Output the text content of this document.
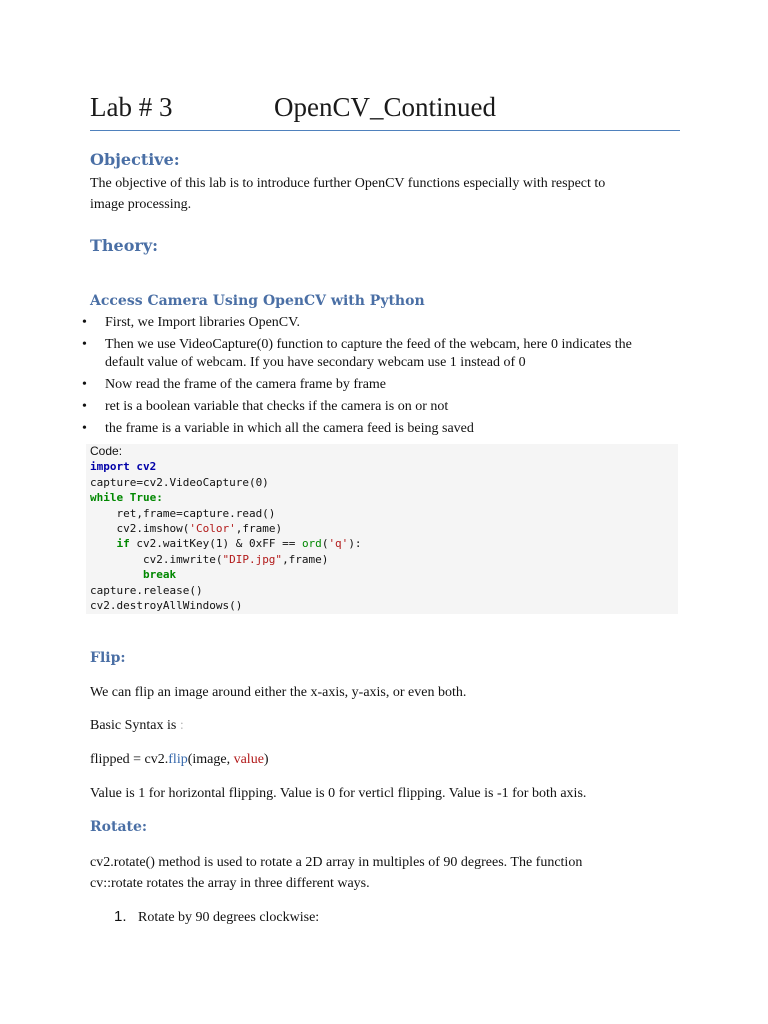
Lab # 3	OpenCV_Continued
Objective:
The objective of this lab is to introduce further OpenCV functions especially with respect to
image processing.
Theory:
Access Camera Using OpenCV with Python
• First, we Import libraries OpenCV.
• Then we use VideoCapture(0) function to capture the feed of the webcam, here 0 indicates the
default value of webcam. If you have secondary webcam use 1 instead of 0
• Now read the frame of the camera frame by frame
• ret is a boolean variable that checks if the camera is on or not
• the frame is a variable in which all the camera feed is being saved
Code:
import cv2
capture=cv2.VideoCapture(0)
while True:
ret,frame=capture.read()
cv2.imshow('Color',frame)
if cv2.waitKey(1) & 0xFF == ord('q'):
cv2.imwrite("DIP.jpg",frame)
break
capture.release()
cv2.destroyAllWindows()
Flip:
We can flip an image around either the x-axis, y-axis, or even both.
Basic Syntax is :
flipped = cv2.flip(image, value)
Value is 1 for horizontal flipping. Value is 0 for verticl flipping. Value is -1 for both axis.
Rotate:
cv2.rotate() method is used to rotate a 2D array in multiples of 90 degrees. The function
cv::rotate rotates the array in three different ways.
1. Rotate by 90 degrees clockwise:
